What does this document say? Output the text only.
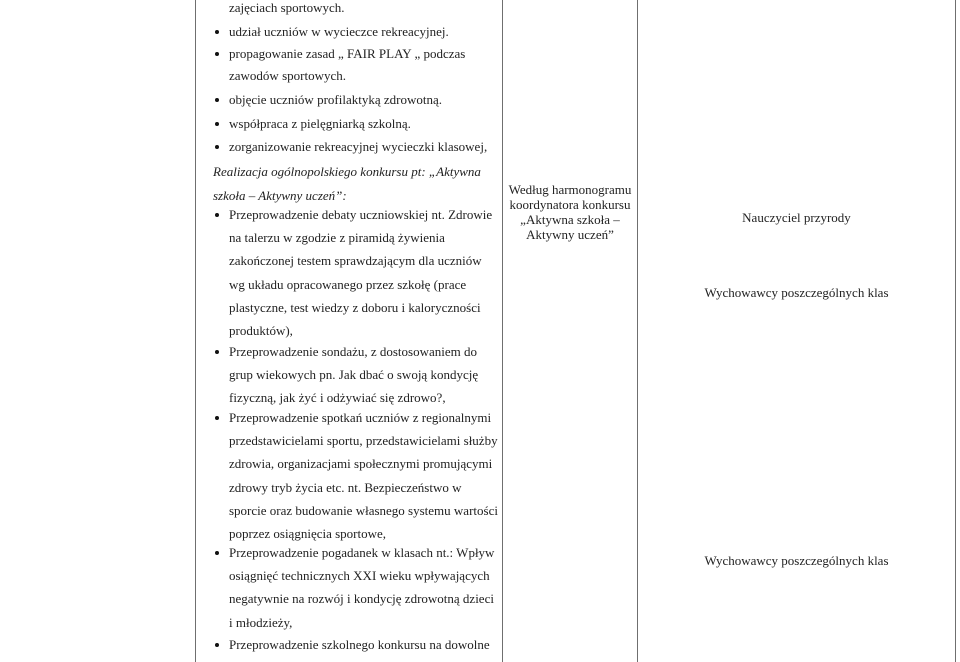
zajęciach sportowych.
udział uczniów w wycieczce rekreacyjnej.
propagowanie zasad „ FAIR PLAY „ podczas
zawodów sportowych.
objęcie uczniów profilaktyką zdrowotną.
współpraca z pielęgniarką szkolną.
zorganizowanie rekreacyjnej wycieczki klasowej,
Realizacja ogólnopolskiego konkursu pt: „Aktywna
szkoła – Aktywny uczeń”:
Przeprowadzenie debaty uczniowskiej nt. Zdrowie
na talerzu w zgodzie z piramidą żywienia
zakończonej testem sprawdzającym dla uczniów
wg układu opracowanego przez szkołę (prace
plastyczne, test wiedzy z doboru i kaloryczności
produktów),
Przeprowadzenie sondażu, z dostosowaniem do
grup wiekowych pn. Jak dbać o swoją kondycję
fizyczną, jak żyć i odżywiać się zdrowo?,
Przeprowadzenie spotkań uczniów z regionalnymi
przedstawicielami sportu, przedstawicielami służby
zdrowia, organizacjami społecznymi promującymi
zdrowy tryb życia etc. nt. Bezpieczeństwo w
sporcie oraz budowanie własnego systemu wartości
poprzez osiągnięcia sportowe,
Przeprowadzenie pogadanek w klasach nt.: Wpływ
osiągnięć technicznych XXI wieku wpływających
negatywnie na rozwój i kondycję zdrowotną dzieci
i młodzieży,
Przeprowadzenie szkolnego konkursu na dowolne
Według harmonogramu
koordynatora konkursu
„Aktywna szkoła –
Aktywny uczeń”
Nauczyciel przyrody
Wychowawcy poszczególnych klas
Wychowawcy poszczególnych klas
